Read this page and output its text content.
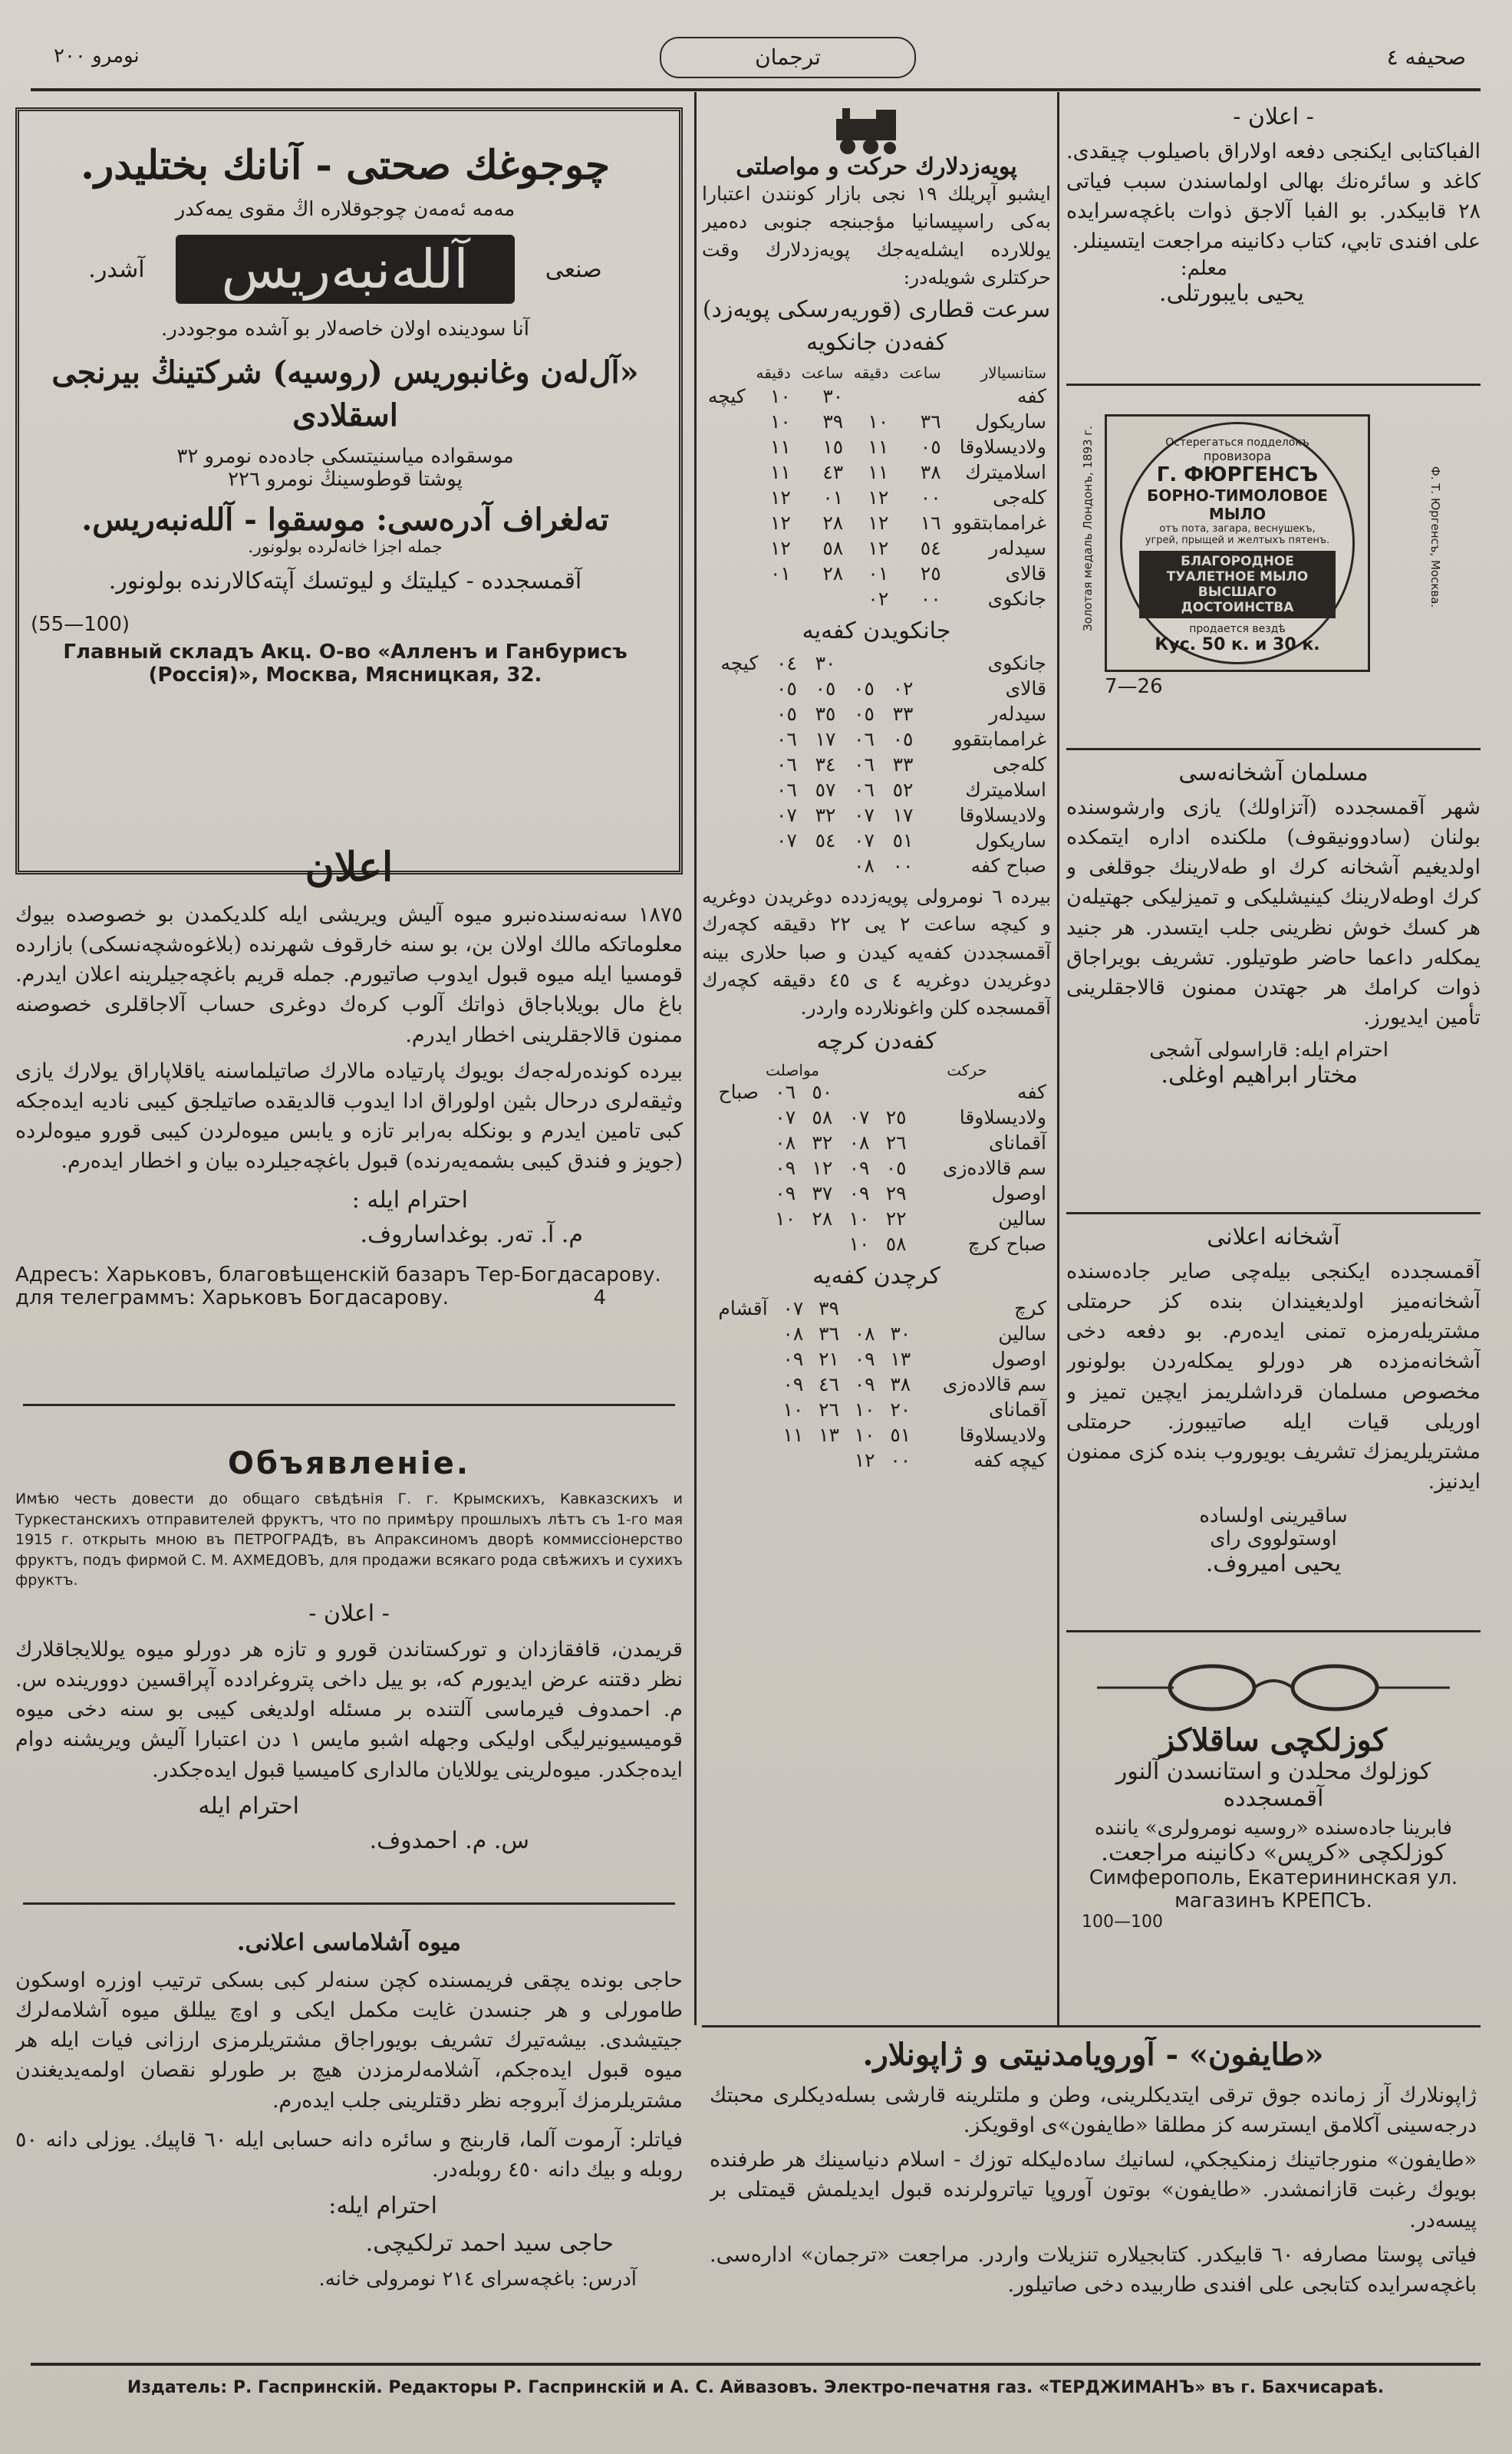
نومرو ۲۰۰	ترجمان	صحیفه ٤
چوجوغك صحتی - آنانك بختلیدر.
مەمە ئەمەن چوجوقلارە اڭ مقوی يمەكدر
صنعی
آللەنبەريس
آشدر.
آنا سوديندە اولان خاصەلار بو آشدە موجوددر.
«آل‌لەن وغانبوريس (روسيه) شركتينڭ بيرنجى اسقلادى
موسقواده مياسنيتسكى جادەدە نومرو ۳۲
پوشتا قوطوسینڭ نومرو ۲۲٦
تەلغراف آدرەسى: موسقوا - آللەنبەريس.
جمله اجزا خانەلردە بولونور.
آقمسجدده - كيليتك و ليوتسك آپتەكالارندە بولونور.
(55—100)
Главный складъ Акц. О-во «Алленъ и Ганбурисъ (Россія)», Москва, Мясницкая, 32.
اعلان
١٨٧٥ سەنەسندەنبرو ميوە آليش ويريشى ايلە كلديكمدن بو خصوصدە بيوك معلوماتكە مالك اولان بن، بو سنه خارقوف شهرندە (بلاغوەشچەنسكى) بازاردە قومسيا ايلە ميوە قبول ايدوب صاتيورم. جملە قريم باغچەجيلرينە اعلان ايدرم. باغ مال بويلاباجاق ذواتك آلوب كرەك دوغرى حساب آلاجاقلرى خصوصنە ممنون قالاجقلرینی اخطار ايدرم.
بيردە كوندەرلەجەك بويوك پارتيادە مالارك صاتيلماسنە ياقلاپاراق يولارك يازى وثيقەلرى درحال بثين اولوراق ادا ايدوب قالديقدە صاتيلجق كيبى ناديە ايدەجكە كبى تامين ايدرم و بونكلە بەرابر تازە و يابس ميوەلردن كيبى قورو ميوەلردە (جويز و فندق كيبى بشمەيەرندە) قبول باغچەجيلردە بيان و اخطار ايدەرم.
احترام ایله :
م. آ. تەر. بوغداساروف.
Адресъ: Харьковъ, благовѣщенскій базаръ Тер-Богдасарову.
для телеграммъ: Харьковъ Богдасарову.	4
Объявленіе.
Имѣю честь довести до общаго свѣдѣнія Г. г. Крымскихъ, Кавказскихъ и Туркестанскихъ отправителей фруктъ, что по примѣру прошлыхъ лѣтъ съ 1-го мая 1915 г. открыть мною въ ПЕТРОГРАДѢ, въ Апраксиномъ дворѣ коммиссіонерство фруктъ, подъ фирмой С. М. АХМЕДОВЪ, для продажи всякаго рода свѣжихъ и сухихъ фруктъ.
- اعلان -
قريمدن، قافقازدان و توركستاندن قورو و تازه هر دورلو ميوه يوللايجاقلارك نظر دقتنه عرض ايديورم كه، بو ييل داخى پتروغرادده آپراقسين دووريندە س. م. احمدوف فيرماسى آلتندە بر مسئله اولديغى كيبى بو سنه دخى ميوە قوميسيونیرلیگی اولیكی وجهلە اشبو مايس ١ دن اعتبارا آليش ويريشنه دوام ايدەجكدر. ميوەلرينى يوللايان مالداری كاميسيا قبول ايدەجكدر.
احترام ایله
س. م. احمدوف.
ميوە آشلاماسى اعلانى.
حاجى بونده يچقى فريمسنده كچن سنەلر كبى بسكى ترتيب اوزره اوسكون طامورلى و هر جنسدن غايت مكمل ايكى و اوچ ييللق ميوە آشلامەلرك جيتيشدى. بيشەتيرك تشريف بويوراجاق مشتريلرمزى ارزانى فيات ايلە هر ميوە قبول ايدەجكم، آشلامەلرمزدن هيچ بر طورلو نقصان اولمەيديغندن مشتريلرمزك آبروجە نظر دقتلرينی جلب ايدەرم.
فياتلر: آرموت آلما، قاربنج و سائره دانه حسابى ايله ٦٠ قاپيك. يوزلى دانه ٥٠ روبله و بيك دانه ٤٥٠ روبله‌در.
احترام ایله:
حاجى سيد احمد ترلكيچى.
آدرس: باغچەسراى ٢١٤ نومرولى خانە.
پویەزدلارك حركت و مواصلتى
ايشبو آپريلك ١٩ نجى بازار كونندن اعتبارا بەكى راسپيسانيا مؤجبنجه جنوبى دەمير يوللاردە ايشلەيەجك پويەزدلارك وقت حركتلرى شويلەدر:
سرعت قطارى (قوريەرسكى پويەزد)
كفەدن جانكويە
ستانسيالار	ساعت	دقيقە	ساعت	دقيقە	
كفە			٣٠	١٠	كيچە
ساريكول	٣٦	١٠	٣٩	١٠	
ولاديسلاوقا	٠٥	١١	١٥	١١	
اسلاميترك	٣٨	١١	٤٣	١١	
كلەجى	٠٠	١٢	٠١	١٢	
غراممابتقوو	١٦	١٢	٢٨	١٢	
سيدلەر	٥٤	١٢	٥٨	١٢	
قالاى	٢٥	٠١	٢٨	٠١	
جانكوى	٠٠	٠٢			
جانكويدن كفەيە
جانكوى			٣٠	٠٤	كيچە
قالاى	٠٢	٠٥	٠٥	٠٥	
سيدلەر	٣٣	٠٥	٣٥	٠٥	
غراممابتقوو	٠٥	٠٦	١٧	٠٦	
كلەجى	٣٣	٠٦	٣٤	٠٦	
اسلاميترك	٥٢	٠٦	٥٧	٠٦	
ولاديسلاوقا	١٧	٠٧	٣٢	٠٧	
ساريكول	٥١	٠٧	٥٤	٠٧	
صباح كفە	٠٠	٠٨			
بيردە ٦ نومرولى پويەزددە دوغريدن دوغريه و كيچە ساعت ٢ يى ٢٢ دقيقە كچەرك آقمسجددن كفەيە كيدن و صبا حلاری بينه دوغريدن دوغريه ٤ ی ٤٥ دقيقە كچەرك آقمسجدە كلن واغونلاردە واردر.
كفەدن كرچە
حركت
مواصلت
كفە			٥٠	٠٦	صباح
ولاديسلاوقا	٢٥	٠٧	٥٨	٠٧	
آقمانای	٢٦	٠٨	٣٢	٠٨	
سم قالادەزی	٠٥	٠٩	١٢	٠٩	
اوصول	٢٩	٠٩	٣٧	٠٩	
سالين	٢٢	١٠	٢٨	١٠	
صباح كرچ	٥٨	١٠			
كرچدن كفەيە
كرچ			٣٩	٠٧	آقشام
سالين	٣٠	٠٨	٣٦	٠٨	
اوصول	١٣	٠٩	٢١	٠٩	
سم قالادەزی	٣٨	٠٩	٤٦	٠٩	
آقمانای	٢٠	١٠	٢٦	١٠	
ولاديسلاوقا	٥١	١٠	١٣	١١	
كيچە كفە	٠٠	١٢			
- اعلان -
الفباكتابى ايكنجى دفعه اولاراق باصيلوب چيقدى. كاغد و سائرەنك بهالى اولماسندن سبب فياتى ٢٨ قابيكدر. بو الفبا آلاجق ذوات باغچەسرايدە على افندى تابي، كتاب دكانينه مراجعت ايتسينلر.
معلم:
يحيى بايبورتلى.
Золотая медаль Лондонъ, 1893 г.	Остерегаться подделокъ
провизора
Г. ФЮРГЕНСЪ
БОРНО-ТИМОЛОВОЕ МЫЛО
отъ пота, загара, веснушекъ, угрей, прыщей и желтыхъ пятенъ.
БЛАГОРОДНОЕ ТУАЛЕТНОЕ МЫЛО ВЫСШАГО ДОСТОИНСТВА
продается вездѣ
Кус. 50 к. и 30 к.
7—26
Ф. Т. Юргенсъ, Москва.
مسلمان آشخانەسى
شهر آقمسجددە (آتزاولك) يازى وارشوسنده بولنان (سادوونيقوف) ملكندە اداره ايتمكدە اولديغيم آشخانه كرك او طەلارينك جوقلغى و كرك اوطەلارينك كينيشليكى و تميزليكى جهتيلەن هر كسك خوش نظرينى جلب ايتسدر. هر جنيد يمكلەر داعما حاضر طوتيلور. تشريف بويراجاق ذوات كرامك هر جهتدن ممنون قالاجقلرينى تأمين ايديورز.
احترام ايله: قاراسولى آشجى
مختار ابراهيم اوغلى.
آشخانه اعلانی
آقمسجدده ايكنجى بيلەچى صاير جادەسندە آشخانەميز اولديغيندان بندە كز حرمتلى مشتريلەرمزە تمنى ايدەرم. بو دفعه دخى آشخانەمزده هر دورلو يمكلەردن بولونور مخصوص مسلمان قرداشلريمز ايچين تميز و اوريلى قيات ايلە صاتيبورز. حرمتلى مشتريلريمزك تشريف بويوروب بنده كزى ممنون ايدنيز.
ساقيرينى اولسادە
اوستولووى راى
يحيى اميروف.
كوزلكچى ساقلاكز
كوزلوك محلدن و استانسدن آلنور
آقمسجدده
فابرينا جادەسندە «روسيه نومرولری» يانندە
كوزلكچى «كرپس» دكانينه مراجعت.
Симферополь, Екатерининская ул. магазинъ КРЕПСЪ.
100—100
«طايفون» - آورويامدنيتى و ژاپونلار.
ژاپونلارك آز زمانده جوق ترقى ايتديكلرينى، وطن و ملتلرينه قارشى بسلەديكلرى محبتك درجەسينى آكلامق ايسترسه كز مطلقا «طايفون»ى اوقويكز.
«طايفون» منورجاتينك زمنكيجكي، لسانيك سادەليكله توزك - اسلام دنياسينك هر طرفنده بويوك رغبت قازانمشدر. «طايفون» بوتون آوروپا تياترولرنده قبول ايديلمش قيمتلى بر پيسەدر.
فياتى پوستا مصارفه ٦٠ قابيكدر. كتابجيلاره تنزيلات واردر. مراجعت «ترجمان» ادارەسى. باغچەسرايده كتابجى على افندى طاربيدە دخى صاتيلور.
Издатель: Р. Гаспринскій. Редакторы Р. Гаспринскій и А. С. Айвазовъ. Электро-печатня газ. «ТЕРДЖИМАНЪ» въ г. Бахчисараѣ.
